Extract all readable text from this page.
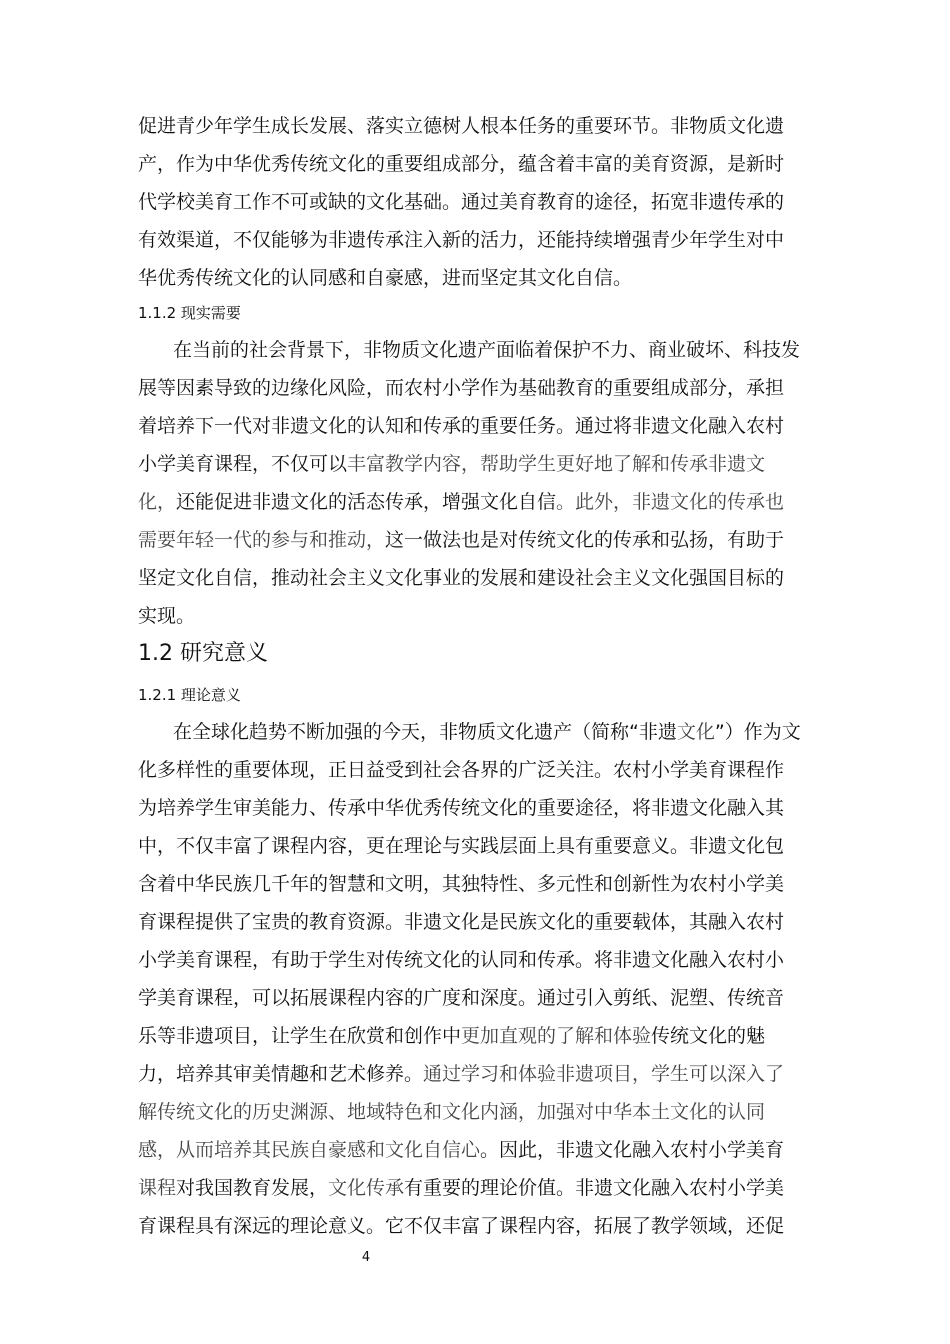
促进青少年学生成长发展、落实立德树人根本任务的重要环节。非物质文化遗
产，作为中华优秀传统文化的重要组成部分，蕴含着丰富的美育资源，是新时
代学校美育工作不可或缺的文化基础。通过美育教育的途径，拓宽非遗传承的
有效渠道，不仅能够为非遗传承注入新的活力，还能持续增强青少年学生对中
华优秀传统文化的认同感和自豪感，进而坚定其文化自信。
1.1.2 现实需要
在当前的社会背景下，非物质文化遗产面临着保护不力、商业破坏、科技发
展等因素导致的边缘化风险，而农村小学作为基础教育的重要组成部分，承担
着培养下一代对非遗文化的认知和传承的重要任务。通过将非遗文化融入农村
小学美育课程，不仅可以丰富教学内容，帮助学生更好地了解和传承非遗文
化，还能促进非遗文化的活态传承，增强文化自信。此外，非遗文化的传承也
需要年轻一代的参与和推动，这一做法也是对传统文化的传承和弘扬，有助于
坚定文化自信，推动社会主义文化事业的发展和建设社会主义文化强国目标的
实现。
1.2 研究意义
1.2.1 理论意义
在全球化趋势不断加强的今天，非物质文化遗产（简称“非遗文化”）作为文
化多样性的重要体现，正日益受到社会各界的广泛关注。农村小学美育课程作
为培养学生审美能力、传承中华优秀传统文化的重要途径，将非遗文化融入其
中，不仅丰富了课程内容，更在理论与实践层面上具有重要意义。非遗文化包
含着中华民族几千年的智慧和文明，其独特性、多元性和创新性为农村小学美
育课程提供了宝贵的教育资源。非遗文化是民族文化的重要载体，其融入农村
小学美育课程，有助于学生对传统文化的认同和传承。将非遗文化融入农村小
学美育课程，可以拓展课程内容的广度和深度。通过引入剪纸、泥塑、传统音
乐等非遗项目，让学生在欣赏和创作中更加直观的了解和体验传统文化的魅
力，培养其审美情趣和艺术修养。通过学习和体验非遗项目，学生可以深入了
解传统文化的历史渊源、地域特色和文化内涵，加强对中华本土文化的认同
感，从而培养其民族自豪感和文化自信心。因此，非遗文化融入农村小学美育
课程对我国教育发展，文化传承有重要的理论价值。非遗文化融入农村小学美
育课程具有深远的理论意义。它不仅丰富了课程内容，拓展了教学领域，还促
4
